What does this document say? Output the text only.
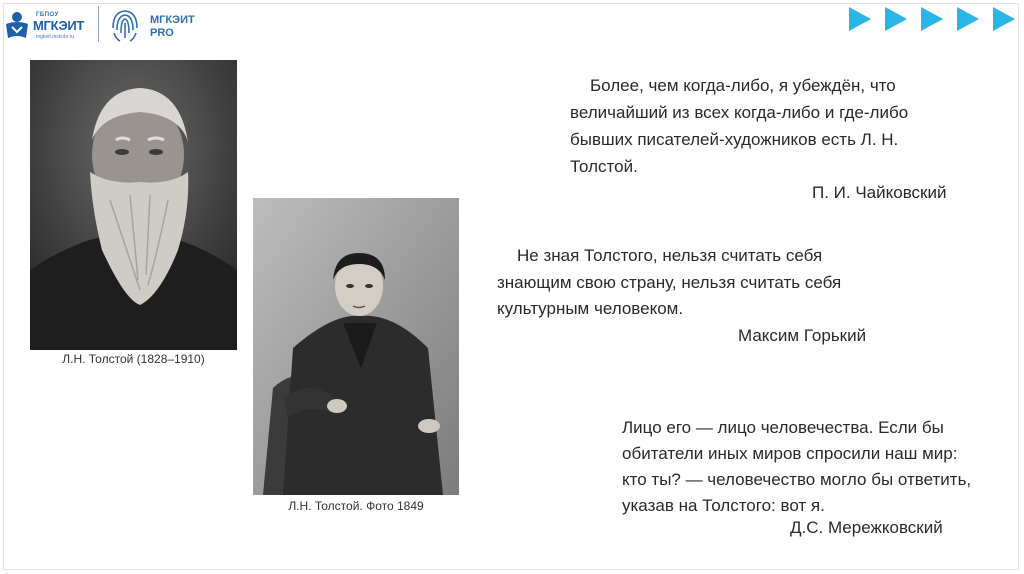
ГБПОУ
МГКЭИТ
mgkeit.mskobr.ru
МГКЭИТ
PRO
Л.Н. Толстой (1828–1910)
Л.Н. Толстой. Фото 1849
Более, чем когда-либо, я убеждён, что
величайший из всех когда-либо и где-либо
бывших писателей-художников есть Л. Н.
Толстой.
П. И. Чайковский
Не зная Толстого, нельзя считать себя
знающим свою страну, нельзя считать себя
культурным человеком.
Максим Горький
Лицо его — лицо человечества. Если бы
обитатели иных миров спросили наш мир:
кто ты? — человечество могло бы ответить,
указав на Толстого: вот я.
Д.С. Мережковский
